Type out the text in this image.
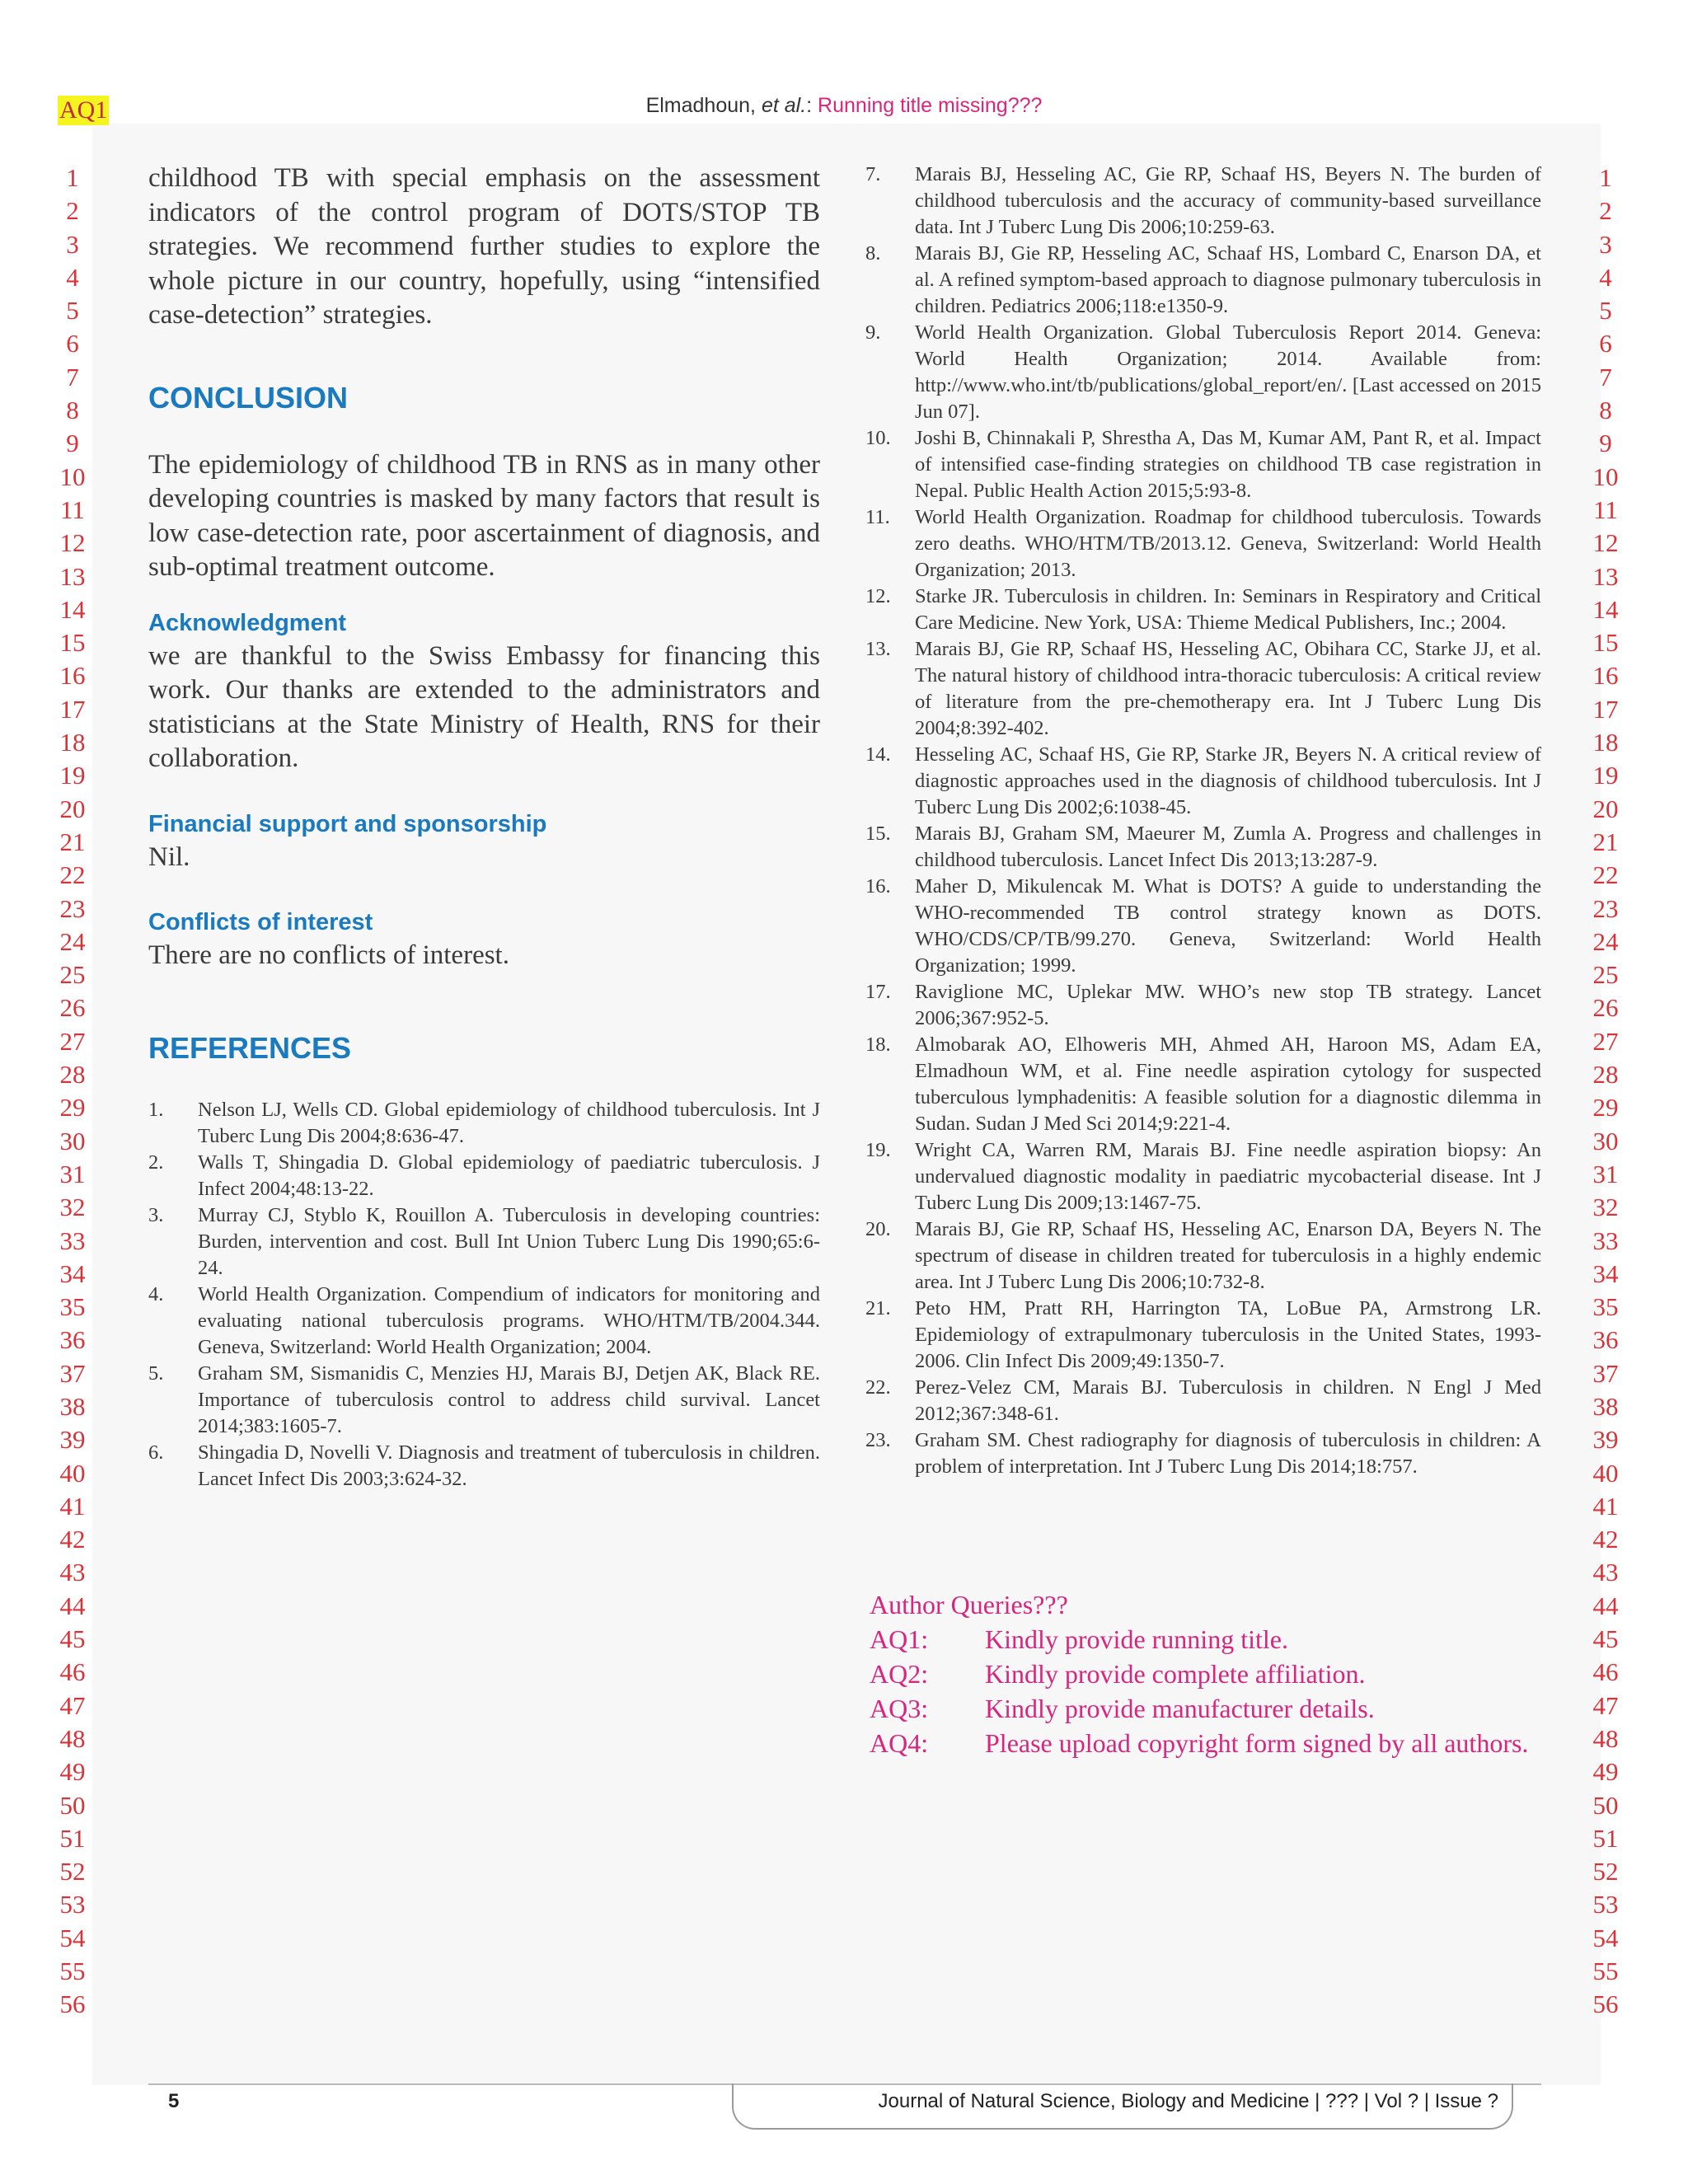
AQ1	Elmadhoun, et al.: Running title missing???
1
2
3
4
5
6
7
8
9
10
11
12
13
14
15
16
17
18
19
20
21
22
23
24
25
26
27
28
29
30
31
32
33
34
35
36
37
38
39
40
41
42
43
44
45
46
47
48
49
50
51
52
53
54
55
56
1
2
3
4
5
6
7
8
9
10
11
12
13
14
15
16
17
18
19
20
21
22
23
24
25
26
27
28
29
30
31
32
33
34
35
36
37
38
39
40
41
42
43
44
45
46
47
48
49
50
51
52
53
54
55
56

childhood TB with special emphasis on the assessment indicators of the control program of DOTS/STOP TB strategies. We recommend further studies to explore the whole picture in our country, hopefully, using “intensified case-detection” strategies.

CONCLUSION

The epidemiology of childhood TB in RNS as in many other developing countries is masked by many factors that result is low case-detection rate, poor ascertainment of diagnosis, and sub-optimal treatment outcome.

Acknowledgment

we are thankful to the Swiss Embassy for financing this work. Our thanks are extended to the administrators and statisticians at the State Ministry of Health, RNS for their collaboration.

Financial support and sponsorship

Nil.

Conflicts of interest

There are no conflicts of interest.

REFERENCES
1. Nelson LJ, Wells CD. Global epidemiology of childhood tuberculosis. Int J Tuberc Lung Dis 2004;8:636-47.
2. Walls T, Shingadia D. Global epidemiology of paediatric tuberculosis. J Infect 2004;48:13-22.
3. Murray CJ, Styblo K, Rouillon A. Tuberculosis in developing countries: Burden, intervention and cost. Bull Int Union Tuberc Lung Dis 1990;65:6-24.
4. World Health Organization. Compendium of indicators for monitoring and evaluating national tuberculosis programs. WHO/HTM/TB/2004.344. Geneva, Switzerland: World Health Organization; 2004.
5. Graham SM, Sismanidis C, Menzies HJ, Marais BJ, Detjen AK, Black RE. Importance of tuberculosis control to address child survival. Lancet 2014;383:1605-7.
6. Shingadia D, Novelli V. Diagnosis and treatment of tuberculosis in children. Lancet Infect Dis 2003;3:624-32.
7. Marais BJ, Hesseling AC, Gie RP, Schaaf HS, Beyers N. The burden of childhood tuberculosis and the accuracy of community-based surveillance data. Int J Tuberc Lung Dis 2006;10:259-63.
8. Marais BJ, Gie RP, Hesseling AC, Schaaf HS, Lombard C, Enarson DA, et al. A refined symptom-based approach to diagnose pulmonary tuberculosis in children. Pediatrics 2006;118:e1350-9.
9. World Health Organization. Global Tuberculosis Report 2014. Geneva: World Health Organization; 2014. Available from: http://www.who.int/tb/publications/global_report/en/. [Last accessed on 2015 Jun 07].
10. Joshi B, Chinnakali P, Shrestha A, Das M, Kumar AM, Pant R, et al. Impact of intensified case-finding strategies on childhood TB case registration in Nepal. Public Health Action 2015;5:93-8.
11. World Health Organization. Roadmap for childhood tuberculosis. Towards zero deaths. WHO/HTM/TB/2013.12. Geneva, Switzerland: World Health Organization; 2013.
12. Starke JR. Tuberculosis in children. In: Seminars in Respiratory and Critical Care Medicine. New York, USA: Thieme Medical Publishers, Inc.; 2004.
13. Marais BJ, Gie RP, Schaaf HS, Hesseling AC, Obihara CC, Starke JJ, et al. The natural history of childhood intra-thoracic tuberculosis: A critical review of literature from the pre-chemotherapy era. Int J Tuberc Lung Dis 2004;8:392-402.
14. Hesseling AC, Schaaf HS, Gie RP, Starke JR, Beyers N. A critical review of diagnostic approaches used in the diagnosis of childhood tuberculosis. Int J Tuberc Lung Dis 2002;6:1038-45.
15. Marais BJ, Graham SM, Maeurer M, Zumla A. Progress and challenges in childhood tuberculosis. Lancet Infect Dis 2013;13:287-9.
16. Maher D, Mikulencak M. What is DOTS? A guide to understanding the WHO-recommended TB control strategy known as DOTS. WHO/CDS/CP/TB/99.270. Geneva, Switzerland: World Health Organization; 1999.
17. Raviglione MC, Uplekar MW. WHO’s new stop TB strategy. Lancet 2006;367:952-5.
18. Almobarak AO, Elhoweris MH, Ahmed AH, Haroon MS, Adam EA, Elmadhoun WM, et al. Fine needle aspiration cytology for suspected tuberculous lymphadenitis: A feasible solution for a diagnostic dilemma in Sudan. Sudan J Med Sci 2014;9:221-4.
19. Wright CA, Warren RM, Marais BJ. Fine needle aspiration biopsy: An undervalued diagnostic modality in paediatric mycobacterial disease. Int J Tuberc Lung Dis 2009;13:1467-75.
20. Marais BJ, Gie RP, Schaaf HS, Hesseling AC, Enarson DA, Beyers N. The spectrum of disease in children treated for tuberculosis in a highly endemic area. Int J Tuberc Lung Dis 2006;10:732-8.
21. Peto HM, Pratt RH, Harrington TA, LoBue PA, Armstrong LR. Epidemiology of extrapulmonary tuberculosis in the United States, 1993-2006. Clin Infect Dis 2009;49:1350-7.
22. Perez-Velez CM, Marais BJ. Tuberculosis in children. N Engl J Med 2012;367:348-61.
23. Graham SM. Chest radiography for diagnosis of tuberculosis in children: A problem of interpretation. Int J Tuberc Lung Dis 2014;18:757.
Author Queries???
AQ1:	Kindly provide running title.
AQ2:	Kindly provide complete affiliation.
AQ3:	Kindly provide manufacturer details.
AQ4:	Please upload copyright form signed by all authors.
5	Journal of Natural Science, Biology and Medicine | ??? | Vol ? | Issue ?
